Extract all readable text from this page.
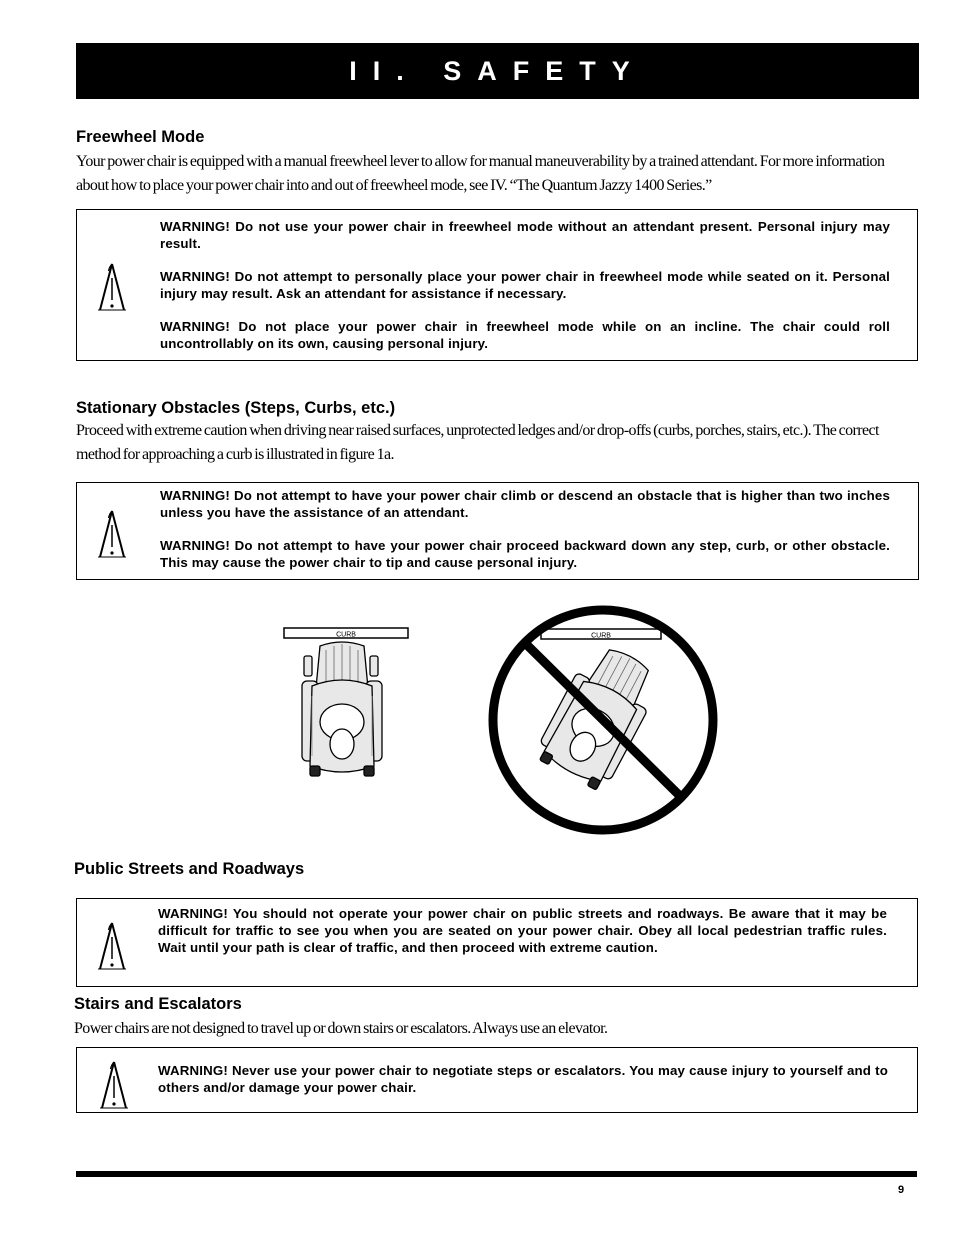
II. SAFETY
Freewheel Mode
Your power chair is equipped with a manual freewheel lever to allow for manual maneuverability by a trained attendant. For more information about how to place your power chair into and out of freewheel mode, see IV. “The Quantum Jazzy 1400 Series.”

WARNING! Do not use your power chair in freewheel mode without an attendant present. Personal injury may result.

WARNING! Do not attempt to personally place your power chair in freewheel mode while seated on it. Personal injury may result. Ask an attendant for assistance if necessary.

WARNING! Do not place your power chair in freewheel mode while on an incline. The chair could roll uncontrollably on its own, causing personal injury.

Stationary Obstacles (Steps, Curbs, etc.)
Proceed with extreme caution when driving near raised surfaces, unprotected ledges and/or drop-offs (curbs, porches, stairs, etc.). The correct method for approaching a curb is illustrated in figure 1a.

WARNING! Do not attempt to have your power chair climb or descend an obstacle that is higher than two inches unless you have the assistance of an attendant.

WARNING! Do not attempt to have your power chair proceed backward down any step, curb, or other obstacle. This may cause the power chair to tip and cause personal injury.

CURB	CURB
Public Streets and Roadways

WARNING! You should not operate your power chair on public streets and roadways. Be aware that it may be difficult for traffic to see you when you are seated on your power chair. Obey all local pedestrian traffic rules. Wait until your path is clear of traffic, and then proceed with extreme caution.

Stairs and Escalators
Power chairs are not designed to travel up or down stairs or escalators. Always use an elevator.

WARNING! Never use your power chair to negotiate steps or escalators. You may cause injury to yourself and to others and/or damage your power chair.

9
